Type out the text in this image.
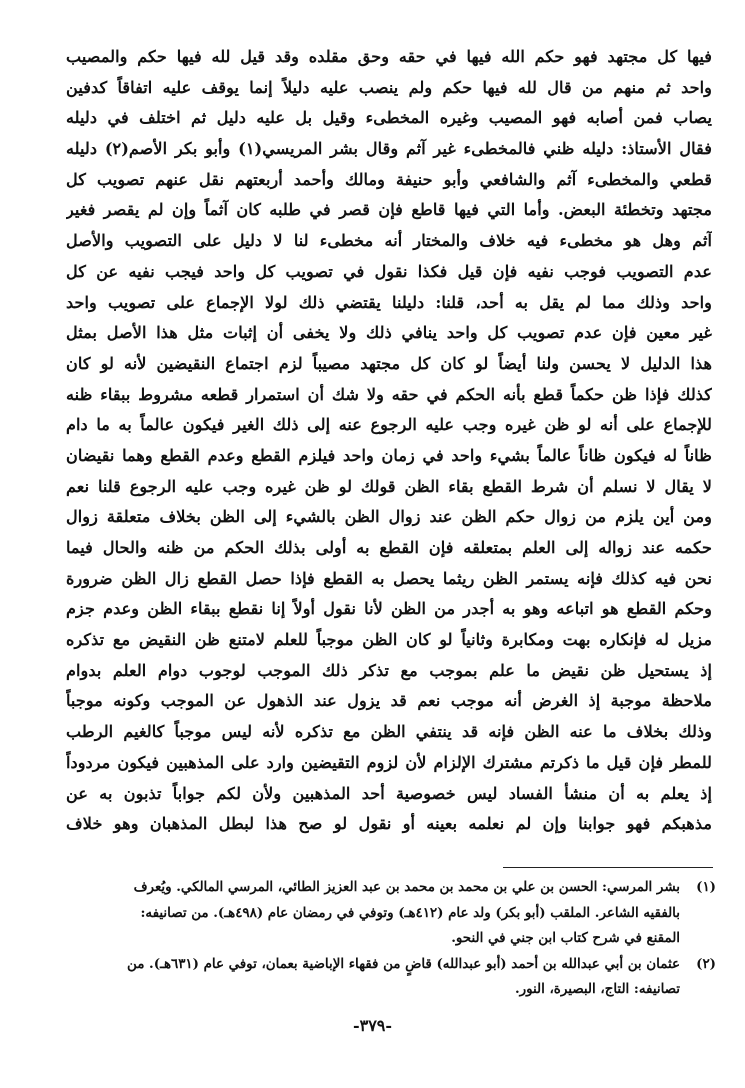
فيها كل مجتهد فهو حكم الله فيها في حقه وحق مقلده وقد قيل لله فيها حكم والمصيب
واحد ثم منهم من قال لله فيها حكم ولم ينصب عليه دليلاً إنما يوقف عليه اتفاقاً كدفين
يصاب فمن أصابه فهو المصيب وغيره المخطىء وقيل بل عليه دليل ثم اختلف في دليله
فقال الأستاذ: دليله ظني فالمخطىء غير آثم وقال بشر المريسي(١) وأبو بكر الأصم(٢) دليله
قطعي والمخطىء آثم والشافعي وأبو حنيفة ومالك وأحمد أربعتهم نقل عنهم تصويب كل
مجتهد وتخطئة البعض. وأما التي فيها قاطع فإن قصر في طلبه كان آثماً وإن لم يقصر فغير
آثم وهل هو مخطىء فيه خلاف والمختار أنه مخطىء لنا لا دليل على التصويب والأصل
عدم التصويب فوجب نفيه فإن قيل فكذا نقول في تصويب كل واحد فيجب نفيه عن كل
واحد وذلك مما لم يقل به أحد، قلنا: دليلنا يقتضي ذلك لولا الإجماع على تصويب واحد
غير معين فإن عدم تصويب كل واحد ينافي ذلك ولا يخفى أن إثبات مثل هذا الأصل بمثل
هذا الدليل لا يحسن ولنا أيضاً لو كان كل مجتهد مصيباً لزم اجتماع النقيضين لأنه لو كان
كذلك فإذا ظن حكماً قطع بأنه الحكم في حقه ولا شك أن استمرار قطعه مشروط ببقاء ظنه
للإجماع على أنه لو ظن غيره وجب عليه الرجوع عنه إلى ذلك الغير فيكون عالماً به ما دام
ظاناً له فيكون ظاناً عالماً بشيء واحد في زمان واحد فيلزم القطع وعدم القطع وهما نقيضان
لا يقال لا نسلم أن شرط القطع بقاء الظن قولك لو ظن غيره وجب عليه الرجوع قلنا نعم
ومن أين يلزم من زوال حكم الظن عند زوال الظن بالشيء إلى الظن بخلاف متعلقة زوال
حكمه عند زواله إلى العلم بمتعلقه فإن القطع به أولى بذلك الحكم من ظنه والحال فيما
نحن فيه كذلك فإنه يستمر الظن ريثما يحصل به القطع فإذا حصل القطع زال الظن ضرورة
وحكم القطع هو اتباعه وهو به أجدر من الظن لأنا نقول أولاً إنا نقطع ببقاء الظن وعدم جزم
مزيل له فإنكاره بهت ومكابرة وثانياً لو كان الظن موجباً للعلم لامتنع ظن النقيض مع تذكره
إذ يستحيل ظن نقيض ما علم بموجب مع تذكر ذلك الموجب لوجوب دوام العلم بدوام
ملاحظة موجبة إذ الغرض أنه موجب نعم قد يزول عند الذهول عن الموجب وكونه موجباً
وذلك بخلاف ما عنه الظن فإنه قد ينتفي الظن مع تذكره لأنه ليس موجباً كالغيم الرطب
للمطر فإن قيل ما ذكرتم مشترك الإلزام لأن لزوم التقيضين وارد على المذهبين فيكون مردوداً
إذ يعلم به أن منشأ الفساد ليس خصوصية أحد المذهبين ولأن لكم جواباً تذبون به عن
مذهبكم فهو جوابنا وإن لم نعلمه بعينه أو نقول لو صح هذا لبطل المذهبان وهو خلاف
(١)بشر المرسي: الحسن بن علي بن محمد بن محمد بن عبد العزيز الطائي، المرسي المالكي. ويُعرف
بالفقيه الشاعر. الملقب (أبو بكر) ولد عام (٤١٢هـ) وتوفي في رمضان عام (٤٩٨هـ). من تصانيفه:
المقنع في شرح كتاب ابن جني في النحو.
(٢)عثمان بن أبي عبدالله بن أحمد (أبو عبدالله) قاضٍ من فقهاء الإباضية بعمان، توفي عام (٦٣١هـ). من
تصانيفه: التاج، البصيرة، النور.
-٣٧٩-
